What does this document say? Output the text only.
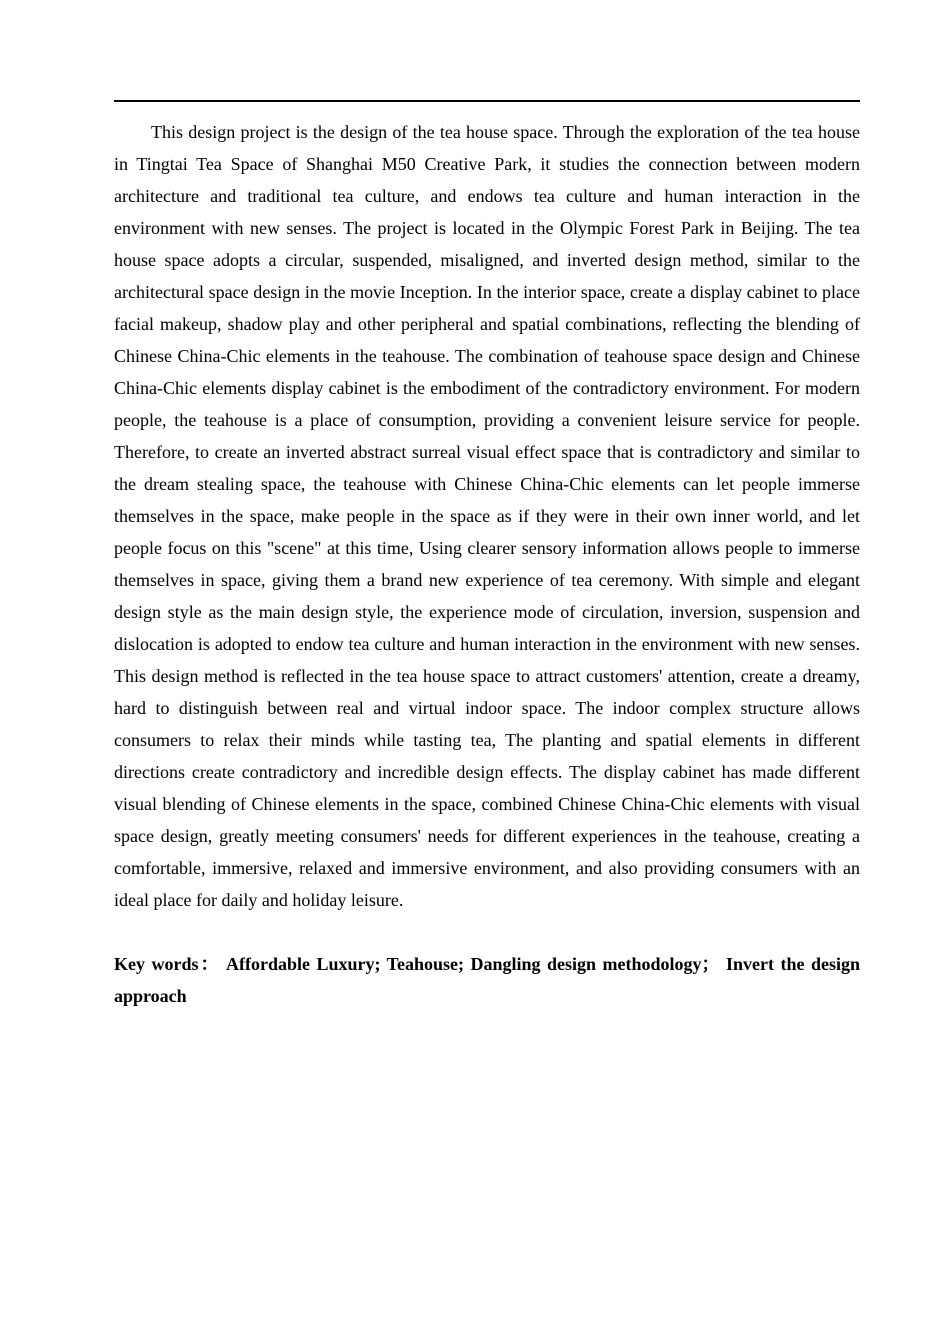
This design project is the design of the tea house space. Through the exploration of the tea house in Tingtai Tea Space of Shanghai M50 Creative Park, it studies the connection between modern architecture and traditional tea culture, and endows tea culture and human interaction in the environment with new senses. The project is located in the Olympic Forest Park in Beijing. The tea house space adopts a circular, suspended, misaligned, and inverted design method, similar to the architectural space design in the movie Inception. In the interior space, create a display cabinet to place facial makeup, shadow play and other peripheral and spatial combinations, reflecting the blending of Chinese China-Chic elements in the teahouse. The combination of teahouse space design and Chinese China-Chic elements display cabinet is the embodiment of the contradictory environment. For modern people, the teahouse is a place of consumption, providing a convenient leisure service for people. Therefore, to create an inverted abstract surreal visual effect space that is contradictory and similar to the dream stealing space, the teahouse with Chinese China-Chic elements can let people immerse themselves in the space, make people in the space as if they were in their own inner world, and let people focus on this "scene" at this time, Using clearer sensory information allows people to immerse themselves in space, giving them a brand new experience of tea ceremony. With simple and elegant design style as the main design style, the experience mode of circulation, inversion, suspension and dislocation is adopted to endow tea culture and human interaction in the environment with new senses. This design method is reflected in the tea house space to attract customers' attention, create a dreamy, hard to distinguish between real and virtual indoor space. The indoor complex structure allows consumers to relax their minds while tasting tea, The planting and spatial elements in different directions create contradictory and incredible design effects. The display cabinet has made different visual blending of Chinese elements in the space, combined Chinese China-Chic elements with visual space design, greatly meeting consumers' needs for different experiences in the teahouse, creating a comfortable, immersive, relaxed and immersive environment, and also providing consumers with an ideal place for daily and holiday leisure.

Key words： Affordable Luxury; Teahouse; Dangling design methodology； Invert the design approach
